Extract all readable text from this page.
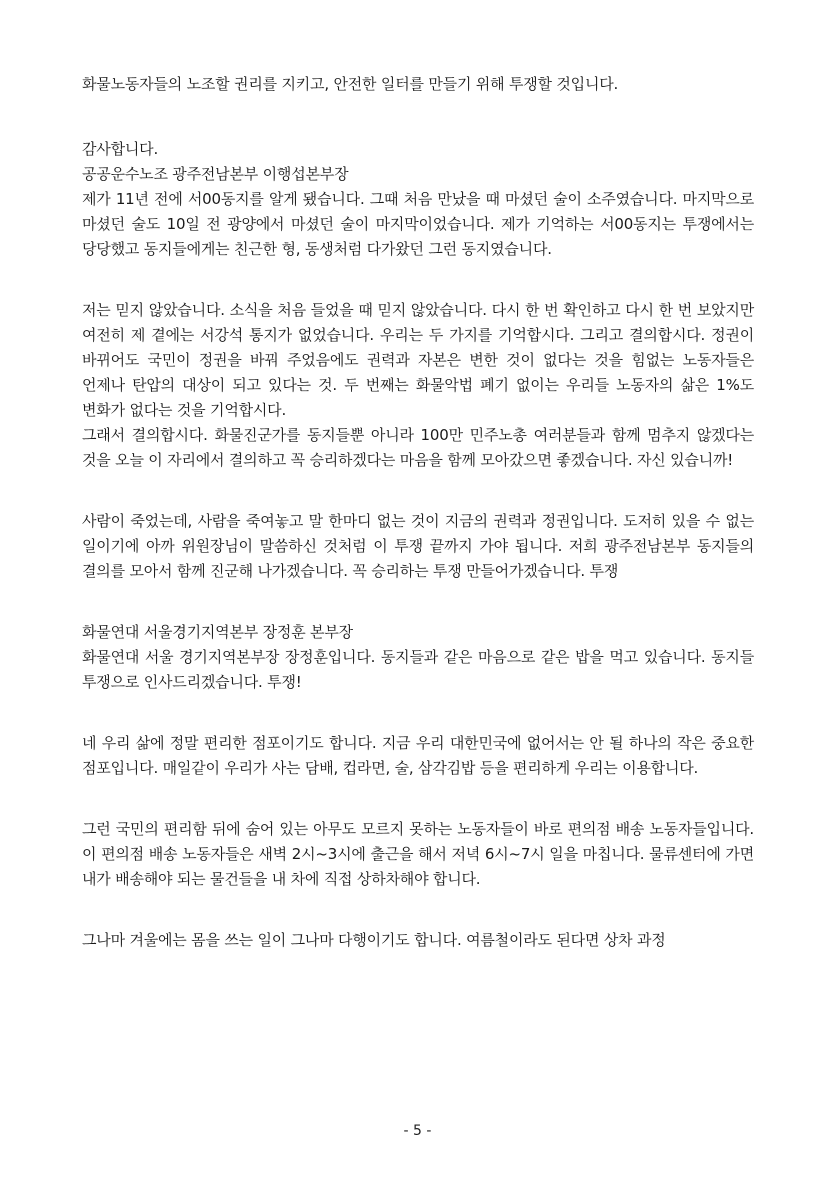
화물노동자들의 노조할 권리를 지키고, 안전한 일터를 만들기 위해 투쟁할 것입니다.

감사합니다.

공공운수노조 광주전남본부 이행섭본부장

제가 11년 전에 서00동지를 알게 됐습니다. 그때 처음 만났을 때 마셨던 술이 소주였습니다. 마지막으로 마셨던 술도 10일 전 광양에서 마셨던 술이 마지막이었습니다. 제가 기억하는 서00동지는 투쟁에서는 당당했고 동지들에게는 친근한 형, 동생처럼 다가왔던 그런 동지였습니다.

저는 믿지 않았습니다. 소식을 처음 들었을 때 믿지 않았습니다. 다시 한 번 확인하고 다시 한 번 보았지만 여전히 제 곁에는 서강석 통지가 없었습니다. 우리는 두 가지를 기억합시다. 그리고 결의합시다. 정권이 바뀌어도 국민이 정권을 바꿔 주었음에도 권력과 자본은 변한 것이 없다는 것을 힘없는 노동자들은 언제나 탄압의 대상이 되고 있다는 것. 두 번째는 화물악법 폐기 없이는 우리들 노동자의 삶은 1%도 변화가 없다는 것을 기억합시다.

그래서 결의합시다. 화물진군가를 동지들뿐 아니라 100만 민주노총 여러분들과 함께 멈추지 않겠다는 것을 오늘 이 자리에서 결의하고 꼭 승리하겠다는 마음을 함께 모아갔으면 좋겠습니다. 자신 있습니까!

사람이 죽었는데, 사람을 죽여놓고 말 한마디 없는 것이 지금의 권력과 정권입니다. 도저히 있을 수 없는 일이기에 아까 위원장님이 말씀하신 것처럼 이 투쟁 끝까지 가야 됩니다. 저희 광주전남본부 동지들의 결의를 모아서 함께 진군해 나가겠습니다. 꼭 승리하는 투쟁 만들어가겠습니다. 투쟁

화물연대 서울경기지역본부 장정훈 본부장

화물연대 서울 경기지역본부장 장정훈입니다. 동지들과 같은 마음으로 같은 밥을 먹고 있습니다. 동지들 투쟁으로 인사드리겠습니다. 투쟁!

네 우리 삶에 정말 편리한 점포이기도 합니다. 지금 우리 대한민국에 없어서는 안 될 하나의 작은 중요한 점포입니다. 매일같이 우리가 사는 담배, 컵라면, 술, 삼각김밥 등을 편리하게 우리는 이용합니다.

그런 국민의 편리함 뒤에 숨어 있는 아무도 모르지 못하는 노동자들이 바로 편의점 배송 노동자들입니다. 이 편의점 배송 노동자들은 새벽 2시~3시에 출근을 해서 저녁 6시~7시 일을 마칩니다. 물류센터에 가면 내가 배송해야 되는 물건들을 내 차에 직접 상하차해야 합니다.

그나마 겨울에는 몸을 쓰는 일이 그나마 다행이기도 합니다. 여름철이라도 된다면 상차 과정

- 5 -
